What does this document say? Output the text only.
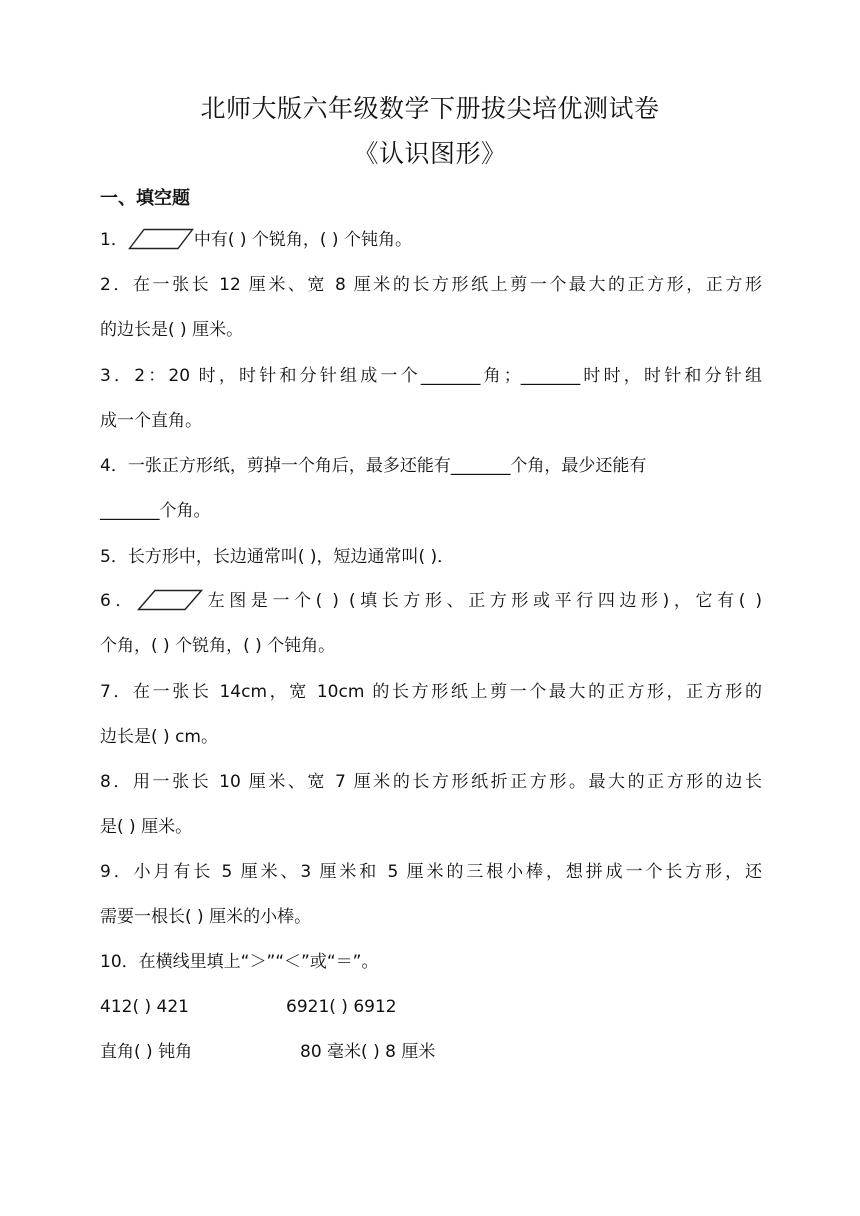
北师大版六年级数学下册拔尖培优测试卷
《认识图形》
一、填空题
1．	中有( ) 个锐角，( ) 个钝角。
2．在一张长 12 厘米、宽 8 厘米的长方形纸上剪一个最大的正方形，正方形
的边长是( ) 厘米。
3．2：20 时，时针和分针组成一个_______角；_______时时，时针和分针组
成一个直角。
4．一张正方形纸，剪掉一个角后，最多还能有_______个角，最少还能有
_______个角。
5．长方形中，长边通常叫( )，短边通常叫( )．
6．	左图是一个( ) (填长方形、正方形或平行四边形)，它有( )
个角，( ) 个锐角，( ) 个钝角。
7．在一张长 14cm，宽 10cm 的长方形纸上剪一个最大的正方形，正方形的
边长是( ) cm。
8．用一张长 10 厘米、宽 7 厘米的长方形纸折正方形。最大的正方形的边长
是( ) 厘米。
9．小月有长 5 厘米、3 厘米和 5 厘米的三根小棒，想拼成一个长方形，还
需要一根长( ) 厘米的小棒。
10．在横线里填上“＞”“＜”或“＝”。
412( ) 421	6921( ) 6912
直角( ) 钝角	80 毫米( ) 8 厘米
